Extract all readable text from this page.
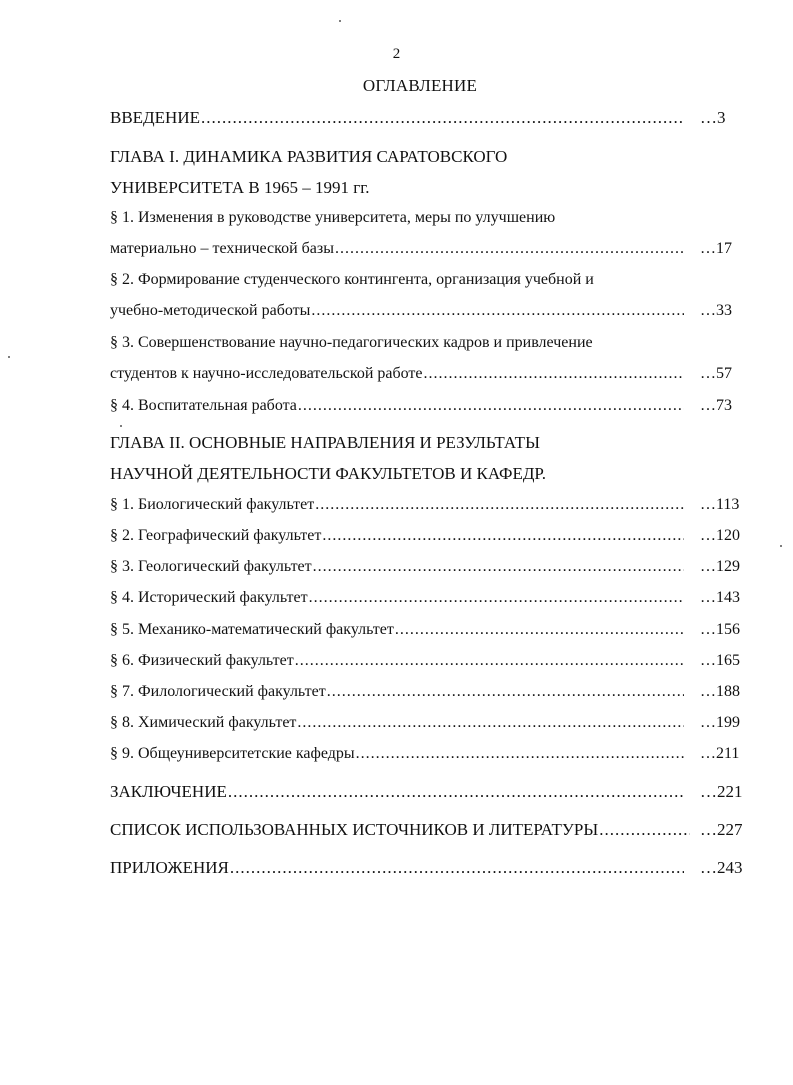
2
ОГЛАВЛЕНИЕ
ВВЕДЕНИЕ .....	…3
ГЛАВА I. ДИНАМИКА РАЗВИТИЯ САРАТОВСКОГО
УНИВЕРСИТЕТА В 1965 – 1991 гг.
§ 1. Изменения в руководстве университета, меры по улучшению
материально – технической базы .....	…17
§ 2. Формирование студенческого контингента, организация учебной и
учебно-методической работы .....	…33
§ 3. Совершенствование научно-педагогических кадров и привлечение
студентов к научно-исследовательской работе .....	…57
§ 4. Воспитательная работа .....	…73
ГЛАВА II. ОСНОВНЫЕ НАПРАВЛЕНИЯ И РЕЗУЛЬТАТЫ
НАУЧНОЙ ДЕЯТЕЛЬНОСТИ ФАКУЛЬТЕТОВ И КАФЕДР.
§ 1. Биологический факультет .....	…113
§ 2. Географический факультет .....	…120
§ 3. Геологический факультет .....	…129
§ 4. Исторический факультет .....	…143
§ 5. Механико-математический факультет .....	…156
§ 6. Физический факультет .....	…165
§ 7. Филологический факультет .....	…188
§ 8. Химический факультет .....	…199
§ 9. Общеуниверситетские кафедры .....	…211
ЗАКЛЮЧЕНИЕ .....	…221
СПИСОК ИСПОЛЬЗОВАННЫХ ИСТОЧНИКОВ И ЛИТЕРАТУРЫ .....	…227
ПРИЛОЖЕНИЯ .....	…243
